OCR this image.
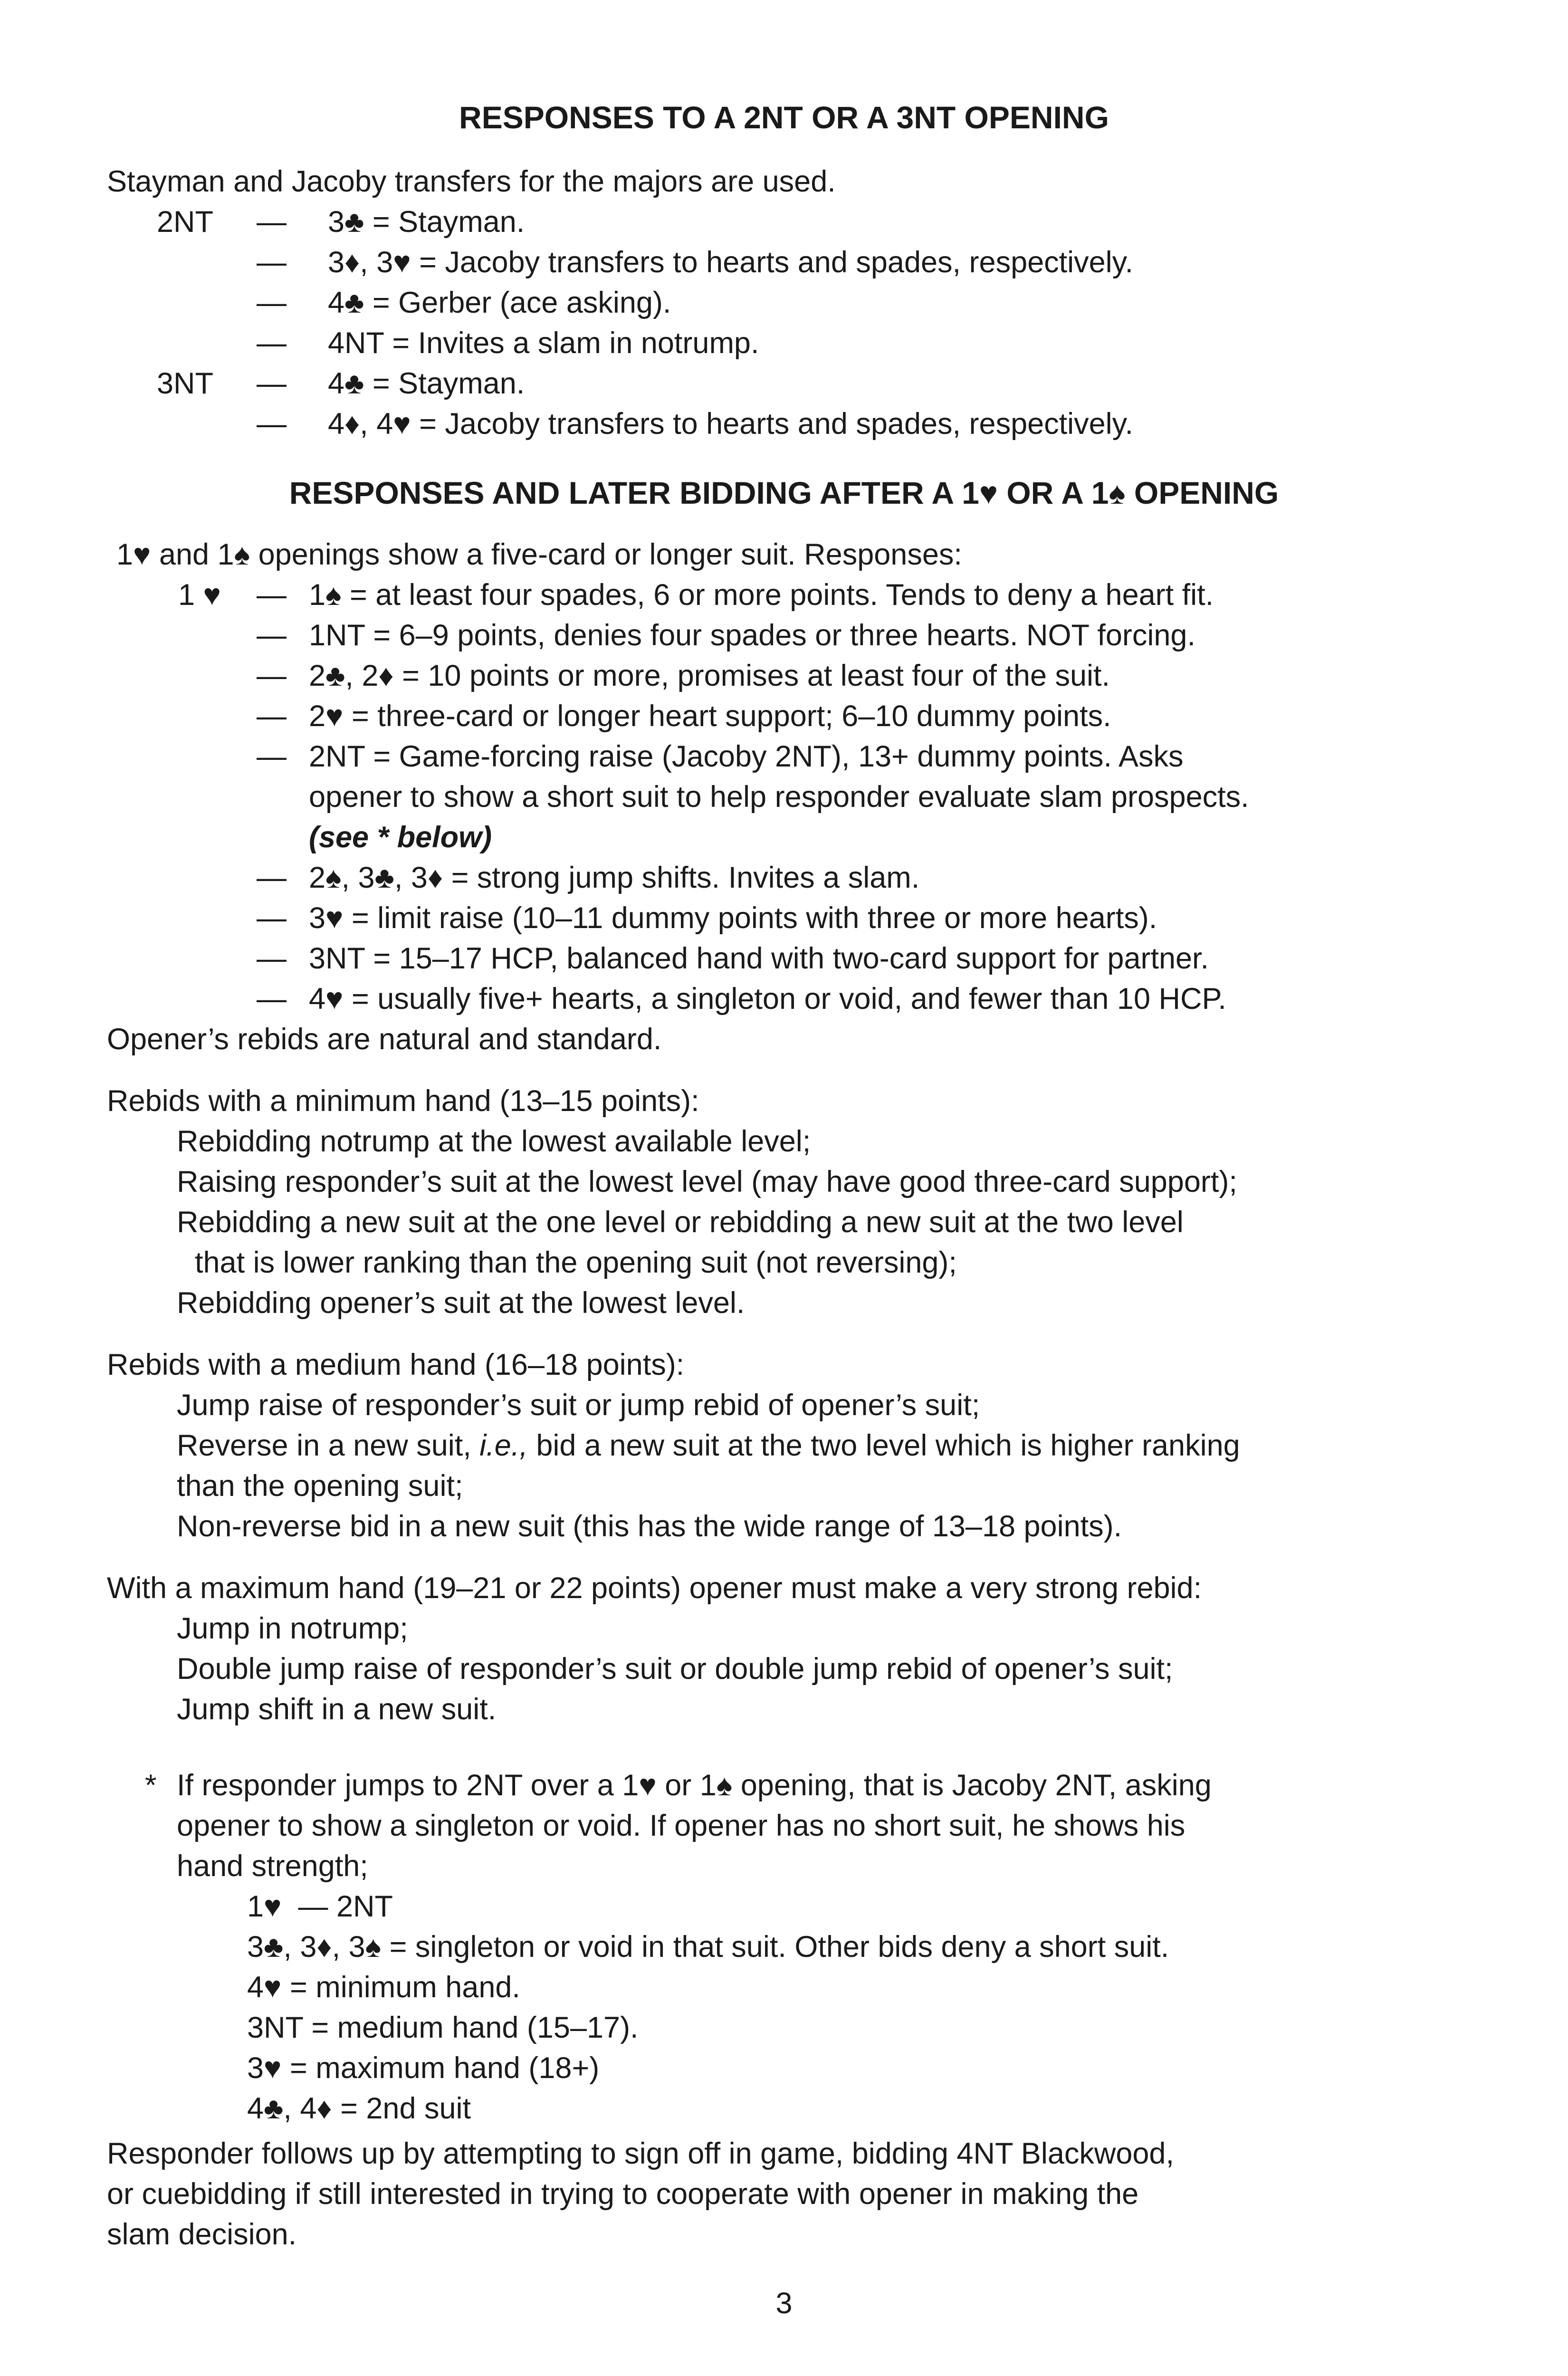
RESPONSES TO A 2NT OR A 3NT OPENING
Stayman and Jacoby transfers for the majors are used.
2NT — 3♣ = Stayman.
— 3♦, 3♥ = Jacoby transfers to hearts and spades, respectively.
— 4♣ = Gerber (ace asking).
— 4NT = Invites a slam in notrump.
3NT — 4♣ = Stayman.
— 4♦, 4♥ = Jacoby transfers to hearts and spades, respectively.
RESPONSES AND LATER BIDDING AFTER A 1♥ OR A 1♠ OPENING
1♥ and 1♠ openings show a five-card or longer suit. Responses:
1 ♥ — 1♠ = at least four spades, 6 or more points. Tends to deny a heart fit.
— 1NT = 6–9 points, denies four spades or three hearts. NOT forcing.
— 2♣, 2♦ = 10 points or more, promises at least four of the suit.
— 2♥ = three-card or longer heart support; 6–10 dummy points.
— 2NT = Game-forcing raise (Jacoby 2NT), 13+ dummy points. Asks
opener to show a short suit to help responder evaluate slam prospects.
(see * below)
— 2♠, 3♣, 3♦ = strong jump shifts. Invites a slam.
— 3♥ = limit raise (10–11 dummy points with three or more hearts).
— 3NT = 15–17 HCP, balanced hand with two-card support for partner.
— 4♥ = usually five+ hearts, a singleton or void, and fewer than 10 HCP.
Opener’s rebids are natural and standard.
Rebids with a minimum hand (13–15 points):
Rebidding notrump at the lowest available level;
Raising responder’s suit at the lowest level (may have good three-card support);
Rebidding a new suit at the one level or rebidding a new suit at the two level
that is lower ranking than the opening suit (not reversing);
Rebidding opener’s suit at the lowest level.
Rebids with a medium hand (16–18 points):
Jump raise of responder’s suit or jump rebid of opener’s suit;
Reverse in a new suit, i.e., bid a new suit at the two level which is higher ranking
than the opening suit;
Non-reverse bid in a new suit (this has the wide range of 13–18 points).
With a maximum hand (19–21 or 22 points) opener must make a very strong rebid:
Jump in notrump;
Double jump raise of responder’s suit or double jump rebid of opener’s suit;
Jump shift in a new suit.
* If responder jumps to 2NT over a 1♥ or 1♠ opening, that is Jacoby 2NT, asking
opener to show a singleton or void. If opener has no short suit, he shows his
hand strength;
1♥  — 2NT
3♣, 3♦, 3♠ = singleton or void in that suit. Other bids deny a short suit.
4♥ = minimum hand.
3NT = medium hand (15–17).
3♥ = maximum hand (18+)
4♣, 4♦ = 2nd suit
Responder follows up by attempting to sign off in game, bidding 4NT Blackwood,
or cuebidding if still interested in trying to cooperate with opener in making the
slam decision.
3
